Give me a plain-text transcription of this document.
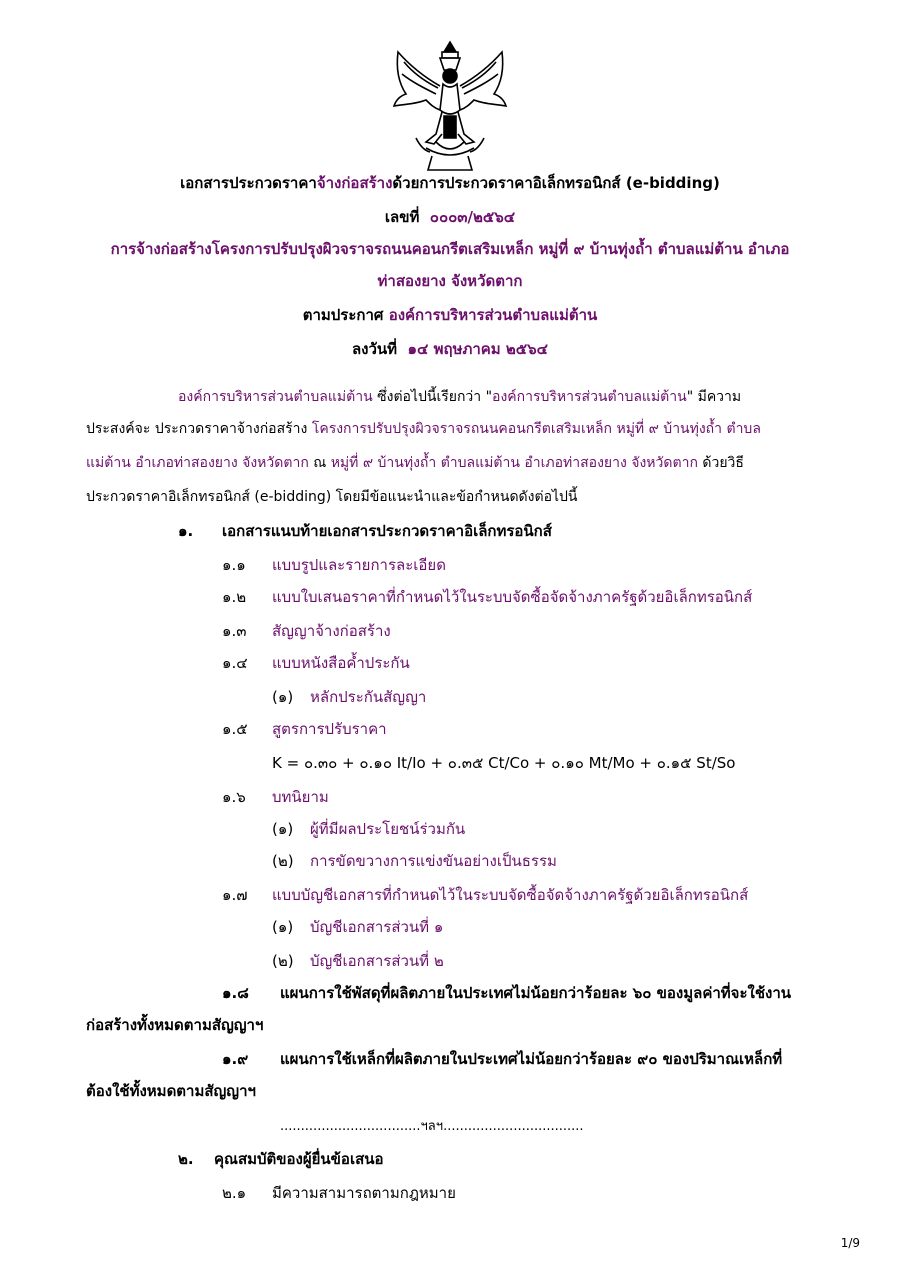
เอกสารประกวดราคาจ้างก่อสร้างด้วยการประกวดราคาอิเล็กทรอนิกส์ (e-bidding)
เลขที่ ๐๐๐๓/๒๕๖๔
การจ้างก่อสร้างโครงการปรับปรุงผิวจราจรถนนคอนกรีตเสริมเหล็ก หมู่ที่ ๙ บ้านทุ่งถ้ำ ตำบลแม่ต้าน อำเภอ
ท่าสองยาง จังหวัดตาก
ตามประกาศ องค์การบริหารส่วนตำบลแม่ต้าน
ลงวันที่ ๑๔ พฤษภาคม ๒๕๖๔
องค์การบริหารส่วนตำบลแม่ต้าน ซึ่งต่อไปนี้เรียกว่า "องค์การบริหารส่วนตำบลแม่ต้าน" มีความ
ประสงค์จะ ประกวดราคาจ้างก่อสร้าง โครงการปรับปรุงผิวจราจรถนนคอนกรีตเสริมเหล็ก หมู่ที่ ๙ บ้านทุ่งถ้ำ ตำบล
แม่ต้าน อำเภอท่าสองยาง จังหวัดตาก ณ หมู่ที่ ๙ บ้านทุ่งถ้ำ ตำบลแม่ต้าน อำเภอท่าสองยาง จังหวัดตาก ด้วยวิธี
ประกวดราคาอิเล็กทรอนิกส์ (e-bidding) โดยมีข้อแนะนำและข้อกำหนดดังต่อไปนี้
๑. เอกสารแนบท้ายเอกสารประกวดราคาอิเล็กทรอนิกส์
๑.๑ แบบรูปและรายการละเอียด
๑.๒ แบบใบเสนอราคาที่กำหนดไว้ในระบบจัดซื้อจัดจ้างภาครัฐด้วยอิเล็กทรอนิกส์
๑.๓ สัญญาจ้างก่อสร้าง
๑.๔ แบบหนังสือค้ำประกัน
(๑) หลักประกันสัญญา
๑.๕ สูตรการปรับราคา
K = ๐.๓๐ + ๐.๑๐ It/Io + ๐.๓๕ Ct/Co + ๐.๑๐ Mt/Mo + ๐.๑๕ St/So
๑.๖ บทนิยาม
(๑) ผู้ที่มีผลประโยชน์ร่วมกัน
(๒) การขัดขวางการแข่งขันอย่างเป็นธรรม
๑.๗ แบบบัญชีเอกสารที่กำหนดไว้ในระบบจัดซื้อจัดจ้างภาครัฐด้วยอิเล็กทรอนิกส์
(๑) บัญชีเอกสารส่วนที่ ๑
(๒) บัญชีเอกสารส่วนที่ ๒
๑.๘ แผนการใช้พัสดุที่ผลิตภายในประเทศไม่น้อยกว่าร้อยละ ๖๐ ของมูลค่าที่จะใช้งาน
ก่อสร้างทั้งหมดตามสัญญาฯ
๑.๙ แผนการใช้เหล็กที่ผลิตภายในประเทศไม่น้อยกว่าร้อยละ ๙๐ ของปริมาณเหล็กที่
ต้องใช้ทั้งหมดตามสัญญาฯ
..................................ฯลฯ..................................
๒. คุณสมบัติของผู้ยื่นข้อเสนอ
๒.๑ มีความสามารถตามกฎหมาย
1/9
